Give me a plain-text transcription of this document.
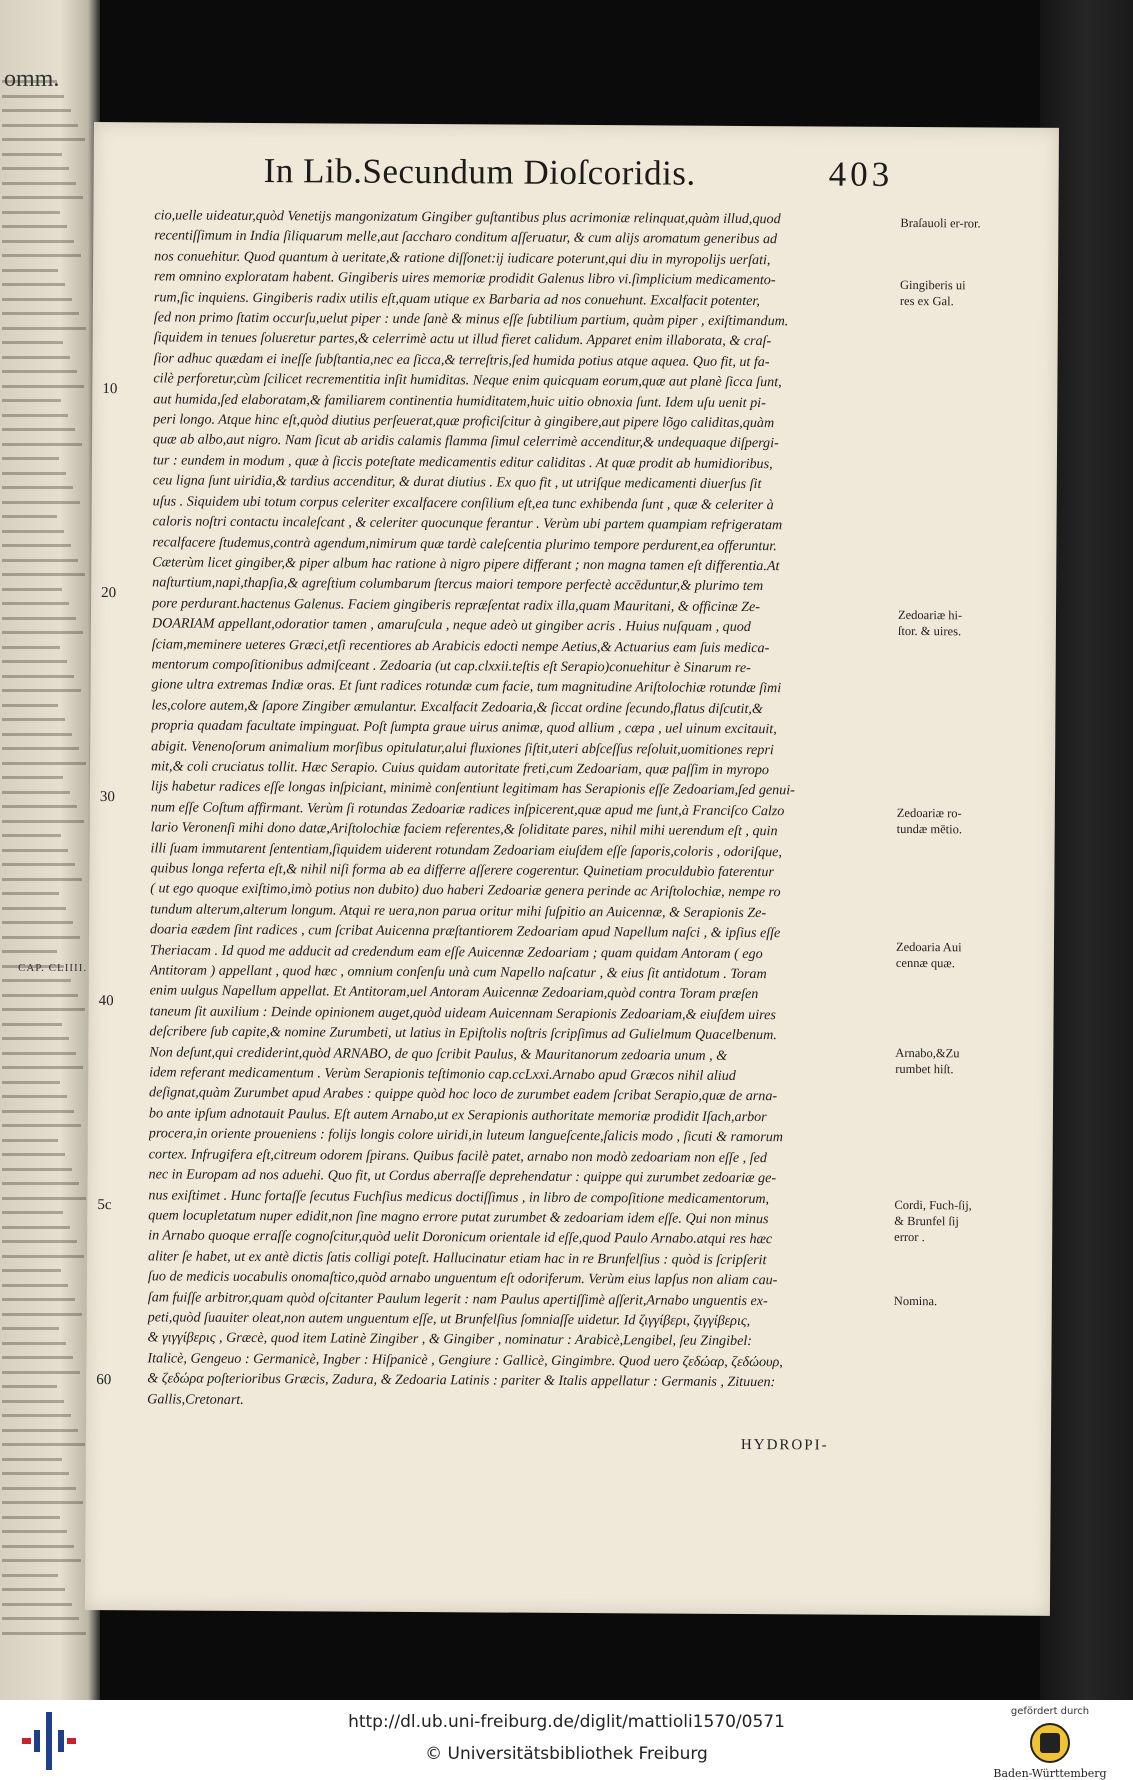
omm.
CAP. CLIIII.
In Lib.Secundum Dioſcoridis.	403
cio,uelle uideatur,quòd Venetijs mangonizatum Gingiber guſtantibus plus acrimoniæ relinquat,quàm illud,quod
recentiſſimum in India ſiliquarum melle,aut ſaccharo conditum aſſeruatur, & cum alijs aromatum generibus ad
nos conuehitur. Quod quantum à ueritate,& ratione diſſonet:ij iudicare poterunt,qui diu in myropolijs uerſati,
rem omnino exploratam habent. Gingiberis uires memoriæ prodidit Galenus libro vi.ſimplicium medicamento-
rum,ſic inquiens. Gingiberis radix utilis eſt,quam utique ex Barbaria ad nos conuehunt. Excalfacit potenter,
ſed non primo ſtatim occurſu,uelut piper : unde ſanè & minus eſſe ſubtilium partium, quàm piper , exiſtimandum.
ſiquidem in tenues ſoluεretur partes,& celerrimè actu ut illud fieret calidum. Apparet enim illaborata, & craſ-
ſior adhuc quædam ei ineſſe ſubſtantia,nec ea ſicca,& terreſtris,ſed humida potius atque aquea. Quo fit, ut fa-
cilè perforetur,cùm ſcilicet recrementitia inſit humiditas. Neque enim quicquam eorum,quæ aut planè ſicca ſunt,
aut humida,ſed elaboratam,& familiarem continentia humiditatem,huic uitio obnoxia ſunt. Idem uſu uenit pi-
peri longo. Atque hinc eſt,quòd diutius perſeuerat,quæ proficiſcitur à gingibere,aut pipere lõgo caliditas,quàm
quæ ab albo,aut nigro. Nam ſicut ab aridis calamis flamma ſimul celerrimè accenditur,& undequaque diſpergi-
tur : eundem in modum , quæ à ſiccis poteſtate medicamentis editur caliditas . At quæ prodit ab humidioribus,
ceu ligna ſunt uiridia,& tardius accenditur, & durat diutius . Ex quo fit , ut utriſque medicamenti diuerſus ſit
uſus . Siquidem ubi totum corpus celeriter excalfacere conſilium eſt,ea tunc exhibenda ſunt , quæ & celeriter à
caloris noſtri contactu incaleſcant , & celeriter quocunque ferantur . Verùm ubi partem quampiam refrigeratam
recalfacere ſtudemus,contrà agendum,nimirum quæ tardè caleſcentia plurimo tempore perdurent,ea offeruntur.
Cæterùm licet gingiber,& piper album hac ratione à nigro pipere differant ; non magna tamen eſt differentia.At
naſturtium,napi,thapſia,& agreſtium columbarum ſtercus maiori tempore perfectè accēduntur,& plurimo tem
pore perdurant.hactenus Galenus. Faciem gingiberis repræſentat radix illa,quam Mauritani, & officinæ Ze-
DOARIAM appellant,odoratior tamen , amaruſcula , neque adeò ut gingiber acris . Huius nuſquam , quod
ſciam,meminere ueteres Græci,etſi recentiores ab Arabicis edocti nempe Aetius,& Actuarius eam ſuis medica-
mentorum compoſitionibus admiſceant . Zedoaria (ut cap.clxxii.teſtis eſt Serapio)conuehitur è Sinarum re-
gione ultra extremas Indiæ oras. Et ſunt radices rotundæ cum facie, tum magnitudine Ariſtolochiæ rotundæ ſimi
les,colore autem,& ſapore Zingiber æmulantur. Excalfacit Zedoaria,& ſiccat ordine ſecundo,flatus diſcutit,&
propria quadam facultate impinguat. Poſt ſumpta graue uirus animæ, quod allium , cæpa , uel uinum excitauit,
abigit. Venenoſorum animalium morſibus opitulatur,alui fluxiones ſiſtit,uteri abſceſſus reſoluit,uomitiones repri
mit,& coli cruciatus tollit. Hæc Serapio. Cuius quidam autoritate freti,cum Zedoariam, quæ paſſim in myropo
lijs habetur radices eſſe longas inſpiciant, minimè conſentiunt legitimam has Serapionis eſſe Zedoariam,ſed genui-
num eſſe Coſtum affirmant. Verùm ſi rotundas Zedoariæ radices inſpicerent,quæ apud me ſunt,à Franciſco Calzo
lario Veronenſi mihi dono datæ,Ariſtolochiæ faciem referentes,& ſoliditate pares, nihil mihi uerendum eſt , quin
illi ſuam immutarent ſententiam,ſiquidem uiderent rotundam Zedoariam eiuſdem eſſe ſaporis,coloris , odoriſque,
quibus longa referta eſt,& nihil niſi forma ab ea differre aſſerere cogerentur. Quinetiam proculdubio faterentur
( ut ego quoque exiſtimo,imò potius non dubito) duo haberi Zedoariæ genera perinde ac Ariſtolochiæ, nempe ro
tundum alterum,alterum longum. Atqui re uera,non parua oritur mihi ſuſpitio an Auicennæ, & Serapionis Ze-
doaria eædem ſint radices , cum ſcribat Auicenna præſtantiorem Zedoariam apud Napellum naſci , & ipſius eſſe
Theriacam . Id quod me adducit ad credendum eam eſſe Auicennæ Zedoariam ; quam quidam Antoram ( ego
Antitoram ) appellant , quod hæc , omnium conſenſu unà cum Napello naſcatur , & eius ſit antidotum . Toram
enim uulgus Napellum appellat. Et Antitoram,uel Antoram Auicennæ Zedoariam,quòd contra Toram præſen
taneum ſit auxilium : Deinde opinionem auget,quòd uideam Auicennam Serapionis Zedoariam,& eiuſdem uires
deſcribere ſub capite,& nomine Zurumbeti, ut latius in Epiſtolis noſtris ſcripſimus ad Gulielmum Quacelbenum.
Non deſunt,qui crediderint,quòd ARNABO, de quo ſcribit Paulus, & Mauritanorum zedoaria unum , &
idem referant medicamentum . Verùm Serapionis teſtimonio cap.ccLxxi.Arnabo apud Græcos nihil aliud
deſignat,quàm Zurumbet apud Arabes : quippe quòd hoc loco de zurumbet eadem ſcribat Serapio,quæ de arna-
bo ante ipſum adnotauit Paulus. Eſt autem Arnabo,ut ex Serapionis authoritate memoriæ prodidit Iſach,arbor
procera,in oriente proueniens : folijs longis colore uiridi,in luteum langueſcente,ſalicis modo , ſicuti & ramorum
cortex. Infrugifera eſt,citreum odorem ſpirans. Quibus facilè patet, arnabo non modò zedoariam non eſſe , ſed
nec in Europam ad nos aduehi. Quo fit, ut Cordus aberraſſe deprehendatur : quippe qui zurumbet zedoariæ ge-
nus exiſtimet . Hunc fortaſſe ſecutus Fuchſius medicus doctiſſimus , in libro de compoſitione medicamentorum,
quem locupletatum nuper edidit,non ſine magno errore putat zurumbet & zedoariam idem eſſe. Qui non minus
in Arnabo quoque erraſſe cognoſcitur,quòd uelit Doronicum orientale id eſſe,quod Paulo Arnabo.atqui res hæc
aliter ſe habet, ut ex antè dictis ſatis colligi poteſt. Hallucinatur etiam hac in re Brunfelſius : quòd is ſcripſerit
ſuo de medicis uocabulis onomaſtico,quòd arnabo unguentum eſt odoriferum. Verùm eius lapſus non aliam cau-
ſam fuiſſe arbitror,quam quòd oſcitanter Paulum legerit : nam Paulus apertiſſimè aſſerit,Arnabo unguentis ex-
peti,quòd ſuauiter oleat,non autem unguentum eſſe, ut Brunfelſius ſomniaſſe uidetur. Id ζιγγίβερι, ζιγγίβερις,
& γιγγίβερις , Græcè, quod item Latinè Zingiber , & Gingiber , nominatur : Arabicè,Lengibel, ſeu Zingibel:
Italicè, Gengeuo : Germanicè, Ingber : Hiſpanicè , Gengiure : Gallicè, Gingimbre. Quod uero ζεδώαρ, ζεδώουρ,
& ζεδώρα poſterioribus Græcis, Zadura, & Zedoaria Latinis : pariter & Italis appellatur : Germanis , Zituuen:
Gallis,Cretonart.
10
20
30
40
5c
60
Braſauoli er-ror.
Gingiberis ui res ex Gal.
Zedoariæ hi-ſtor. & uires.
Zedoariæ ro-tundæ mētio.
Zedoaria Aui cennæ quæ.
Arnabo,&Zu rumbet hiſt.
Cordi, Fuch-ſij, & Brunfel ſij error .
Nomina.
HYDROPI-
http://dl.ub.uni-freiburg.de/diglit/mattioli1570/0571
© Universitätsbibliothek Freiburg
gefördert durch
Baden-Württemberg
